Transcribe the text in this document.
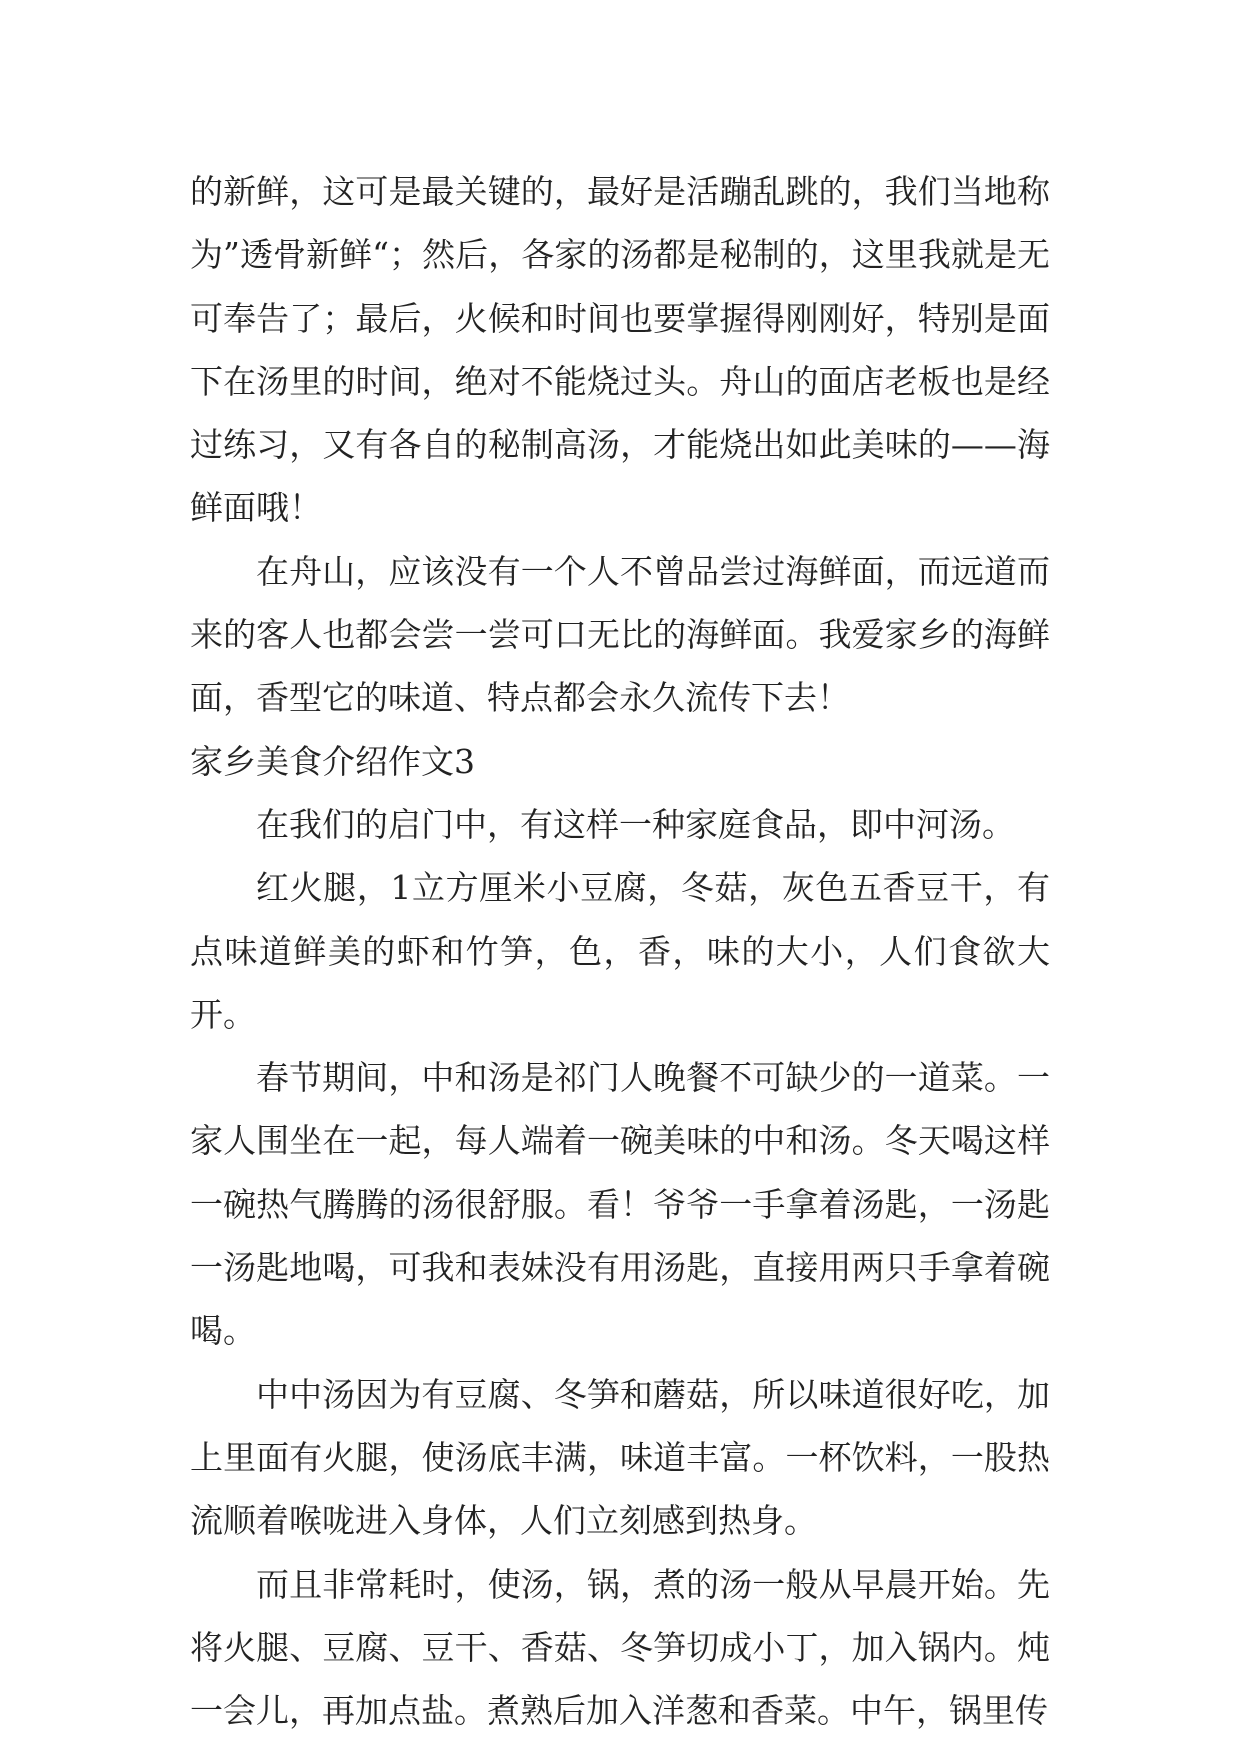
的新鲜，这可是最关键的，最好是活蹦乱跳的，我们当地称为”透骨新鲜“；然后，各家的汤都是秘制的，这里我就是无可奉告了；最后，火候和时间也要掌握得刚刚好，特别是面下在汤里的时间，绝对不能烧过头。舟山的面店老板也是经过练习，又有各自的秘制高汤，才能烧出如此美味的——海鲜面哦！

在舟山，应该没有一个人不曾品尝过海鲜面，而远道而来的客人也都会尝一尝可口无比的海鲜面。我爱家乡的海鲜面，香型它的味道、特点都会永久流传下去！

家乡美食介绍作文3

在我们的启门中，有这样一种家庭食品，即中河汤。

红火腿，1立方厘米小豆腐，冬菇，灰色五香豆干，有点味道鲜美的虾和竹笋，色，香，味的大小，人们食欲大开。

春节期间，中和汤是祁门人晚餐不可缺少的一道菜。一家人围坐在一起，每人端着一碗美味的中和汤。冬天喝这样一碗热气腾腾的汤很舒服。看！爷爷一手拿着汤匙，一汤匙一汤匙地喝，可我和表妹没有用汤匙，直接用两只手拿着碗喝。

中中汤因为有豆腐、冬笋和蘑菇，所以味道很好吃，加上里面有火腿，使汤底丰满，味道丰富。一杯饮料，一股热流顺着喉咙进入身体，人们立刻感到热身。

而且非常耗时，使汤，锅，煮的汤一般从早晨开始。先将火腿、豆腐、豆干、香菇、冬笋切成小丁，加入锅内。炖一会儿，再加点盐。煮熟后加入洋葱和香菜。中午，锅里传
